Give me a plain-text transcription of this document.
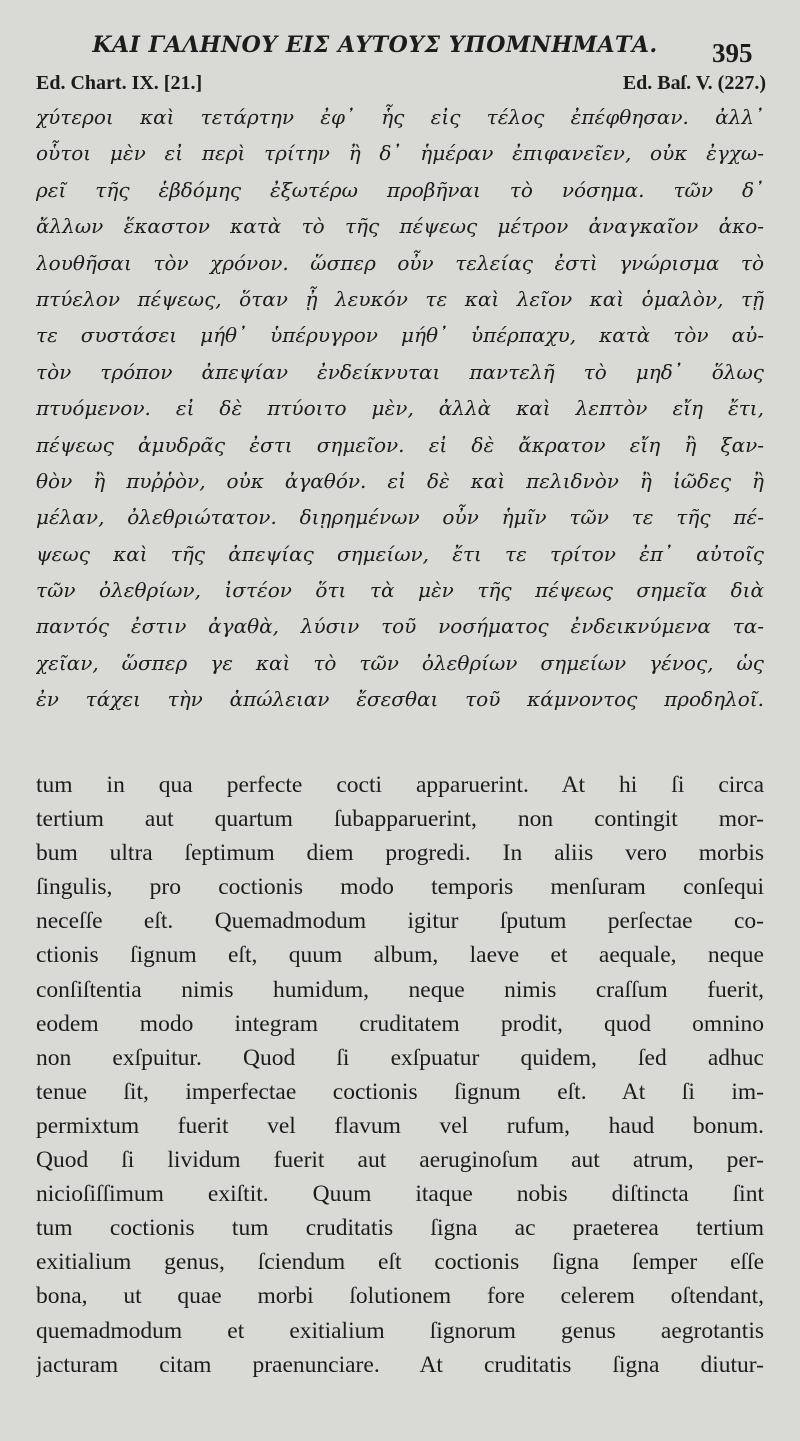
ΚΑΙ ΓΑΛΗΝΟΥ ΕΙΣ ΑΥΤΟΥΣ ΥΠΟΜΝΗΜΑΤΑ.	395
Ed. Chart. IX. [21.]	Ed. Baſ. V. (227.)
χύτεροι καὶ τετάρτην ἐφ᾽ ἧς εἰς τέλος ἐπέφθησαν. ἀλλ᾽
οὗτοι μὲν εἰ περὶ τρίτην ἢ δ᾽ ἡμέραν ἐπιφανεῖεν, οὐκ ἐγχω-
ρεῖ τῆς ἑβδόμης ἐξωτέρω προβῆναι τὸ νόσημα. τῶν δ᾽
ἄλλων ἕκαστον κατὰ τὸ τῆς πέψεως μέτρον ἀναγκαῖον ἀκο-
λουθῆσαι τὸν χρόνον. ὥσπερ οὖν τελείας ἐστὶ γνώρισμα τὸ
πτύελον πέψεως, ὅταν ᾖ λευκόν τε καὶ λεῖον καὶ ὁμαλὸν, τῇ
τε συστάσει μήθ᾽ ὑπέρυγρον μήθ᾽ ὑπέρπαχυ, κατὰ τὸν αὐ-
τὸν τρόπον ἀπεψίαν ἐνδείκνυται παντελῆ τὸ μηδ᾽ ὅλως
πτυόμενον. εἰ δὲ πτύοιτο μὲν, ἀλλὰ καὶ λεπτὸν εἴη ἔτι,
πέψεως ἀμυδρᾶς ἐστι σημεῖον. εἰ δὲ ἄκρατον εἴη ἢ ξαν-
θὸν ἢ πυῤῥὸν, οὐκ ἀγαθόν. εἰ δὲ καὶ πελιδνὸν ἢ ἰῶδες ἢ
μέλαν, ὀλεθριώτατον. διῃρημένων οὖν ἡμῖν τῶν τε τῆς πέ-
ψεως καὶ τῆς ἀπεψίας σημείων, ἔτι τε τρίτον ἐπ᾽ αὐτοῖς
τῶν ὀλεθρίων, ἰστέον ὅτι τὰ μὲν τῆς πέψεως σημεῖα διὰ
παντός ἐστιν ἀγαθὰ, λύσιν τοῦ νοσήματος ἐνδεικνύμενα τα-
χεῖαν, ὥσπερ γε καὶ τὸ τῶν ὀλεθρίων σημείων γένος, ὡς
ἐν τάχει τὴν ἀπώλειαν ἔσεσθαι τοῦ κάμνοντος προδηλοῖ.
tum in qua perfecte cocti apparuerint. At hi ſi circa
tertium aut quartum ſubapparuerint, non contingit mor-
bum ultra ſeptimum diem progredi. In aliis vero morbis
ſingulis, pro coctionis modo temporis menſuram conſequi
neceſſe eſt. Quemadmodum igitur ſputum perſectae co-
ctionis ſignum eſt, quum album, laeve et aequale, neque
conſiſtentia nimis humidum, neque nimis craſſum fuerit,
eodem modo integram cruditatem prodit, quod omnino
non exſpuitur. Quod ſi exſpuatur quidem, ſed adhuc
tenue ſit, imperfectae coctionis ſignum eſt. At ſi im-
permixtum fuerit vel flavum vel rufum, haud bonum.
Quod ſi lividum fuerit aut aeruginoſum aut atrum, per-
nicioſiſſimum exiſtit. Quum itaque nobis diſtincta ſint
tum coctionis tum cruditatis ſigna ac praeterea tertium
exitialium genus, ſciendum eſt coctionis ſigna ſemper eſſe
bona, ut quae morbi ſolutionem fore celerem oſtendant,
quemadmodum et exitialium ſignorum genus aegrotantis
jacturam citam praenunciare. At cruditatis ſigna diutur-
